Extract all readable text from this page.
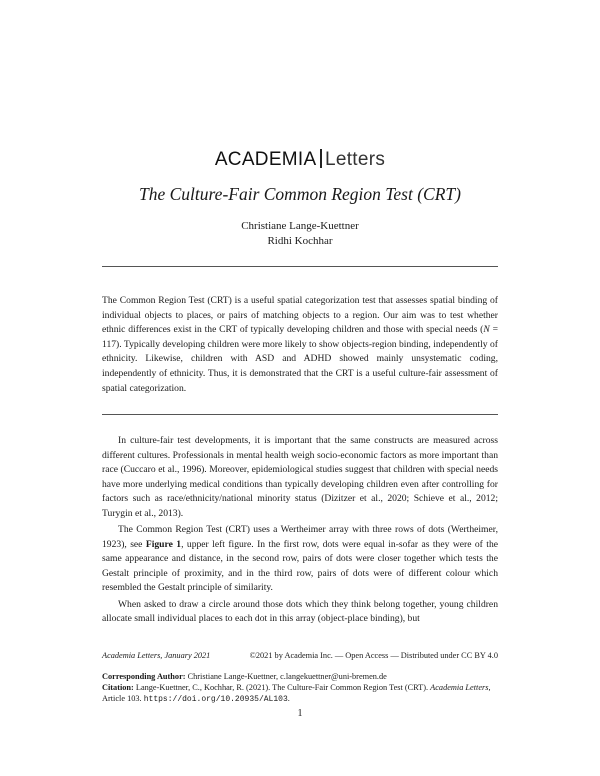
ACADEMIA Letters
The Culture-Fair Common Region Test (CRT)
Christiane Lange-Kuettner
Ridhi Kochhar

The Common Region Test (CRT) is a useful spatial categorization test that assesses spatial binding of individual objects to places, or pairs of matching objects to a region. Our aim was to test whether ethnic differences exist in the CRT of typically developing children and those with special needs (N = 117). Typically developing children were more likely to show objects-region binding, independently of ethnicity. Likewise, children with ASD and ADHD showed mainly unsystematic coding, independently of ethnicity. Thus, it is demonstrated that the CRT is a useful culture-fair assessment of spatial categorization.

In culture-fair test developments, it is important that the same constructs are measured across different cultures. Professionals in mental health weigh socio-economic factors as more important than race (Cuccaro et al., 1996). Moreover, epidemiological studies suggest that children with special needs have more underlying medical conditions than typically developing children even after controlling for factors such as race/ethnicity/national minority status (Dizitzer et al., 2020; Schieve et al., 2012; Turygin et al., 2013).

The Common Region Test (CRT) uses a Wertheimer array with three rows of dots (Wertheimer, 1923), see Figure 1, upper left figure. In the first row, dots were equal in-sofar as they were of the same appearance and distance, in the second row, pairs of dots were closer together which tests the Gestalt principle of proximity, and in the third row, pairs of dots were of different colour which resembled the Gestalt principle of similarity.

When asked to draw a circle around those dots which they think belong together, young children allocate small individual places to each dot in this array (object-place binding), but

Academia Letters, January 2021	©2021 by Academia Inc. — Open Access — Distributed under CC BY 4.0
Corresponding Author: Christiane Lange-Kuettner, c.langekuettner@uni-bremen.de
Citation: Lange-Kuettner, C., Kochhar, R. (2021). The Culture-Fair Common Region Test (CRT). Academia Letters, Article 103. https://doi.org/10.20935/AL103.
1
